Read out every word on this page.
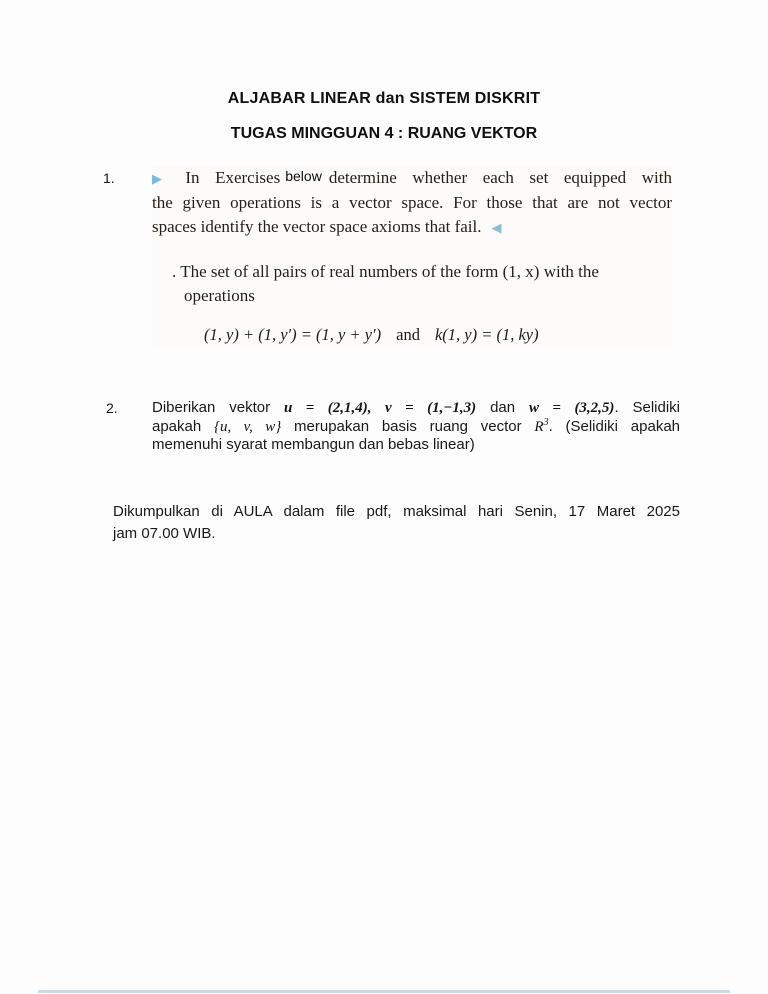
ALJABAR LINEAR dan SISTEM DISKRIT
TUGAS MINGGUAN 4 : RUANG VEKTOR
1.	▶ In Exercises below determine whether each set equipped with
the given operations is a vector space. For those that are not vector
spaces identify the vector space axioms that fail. ◀
. The set of all pairs of real numbers of the form (1, x) with the
operations
(1, y) + (1, y′) = (1, y + y′) and k(1, y) = (1, ky)
2.	Diberikan vektor u = (2,1,4), v = (1,−1,3) dan w = (3,2,5). Selidiki
apakah {u, v, w} merupakan basis ruang vector $R^3$. (Selidiki apakah
memenuhi syarat membangun dan bebas linear)
Dikumpulkan di AULA dalam file pdf, maksimal hari Senin, 17 Maret 2025
jam 07.00 WIB.
